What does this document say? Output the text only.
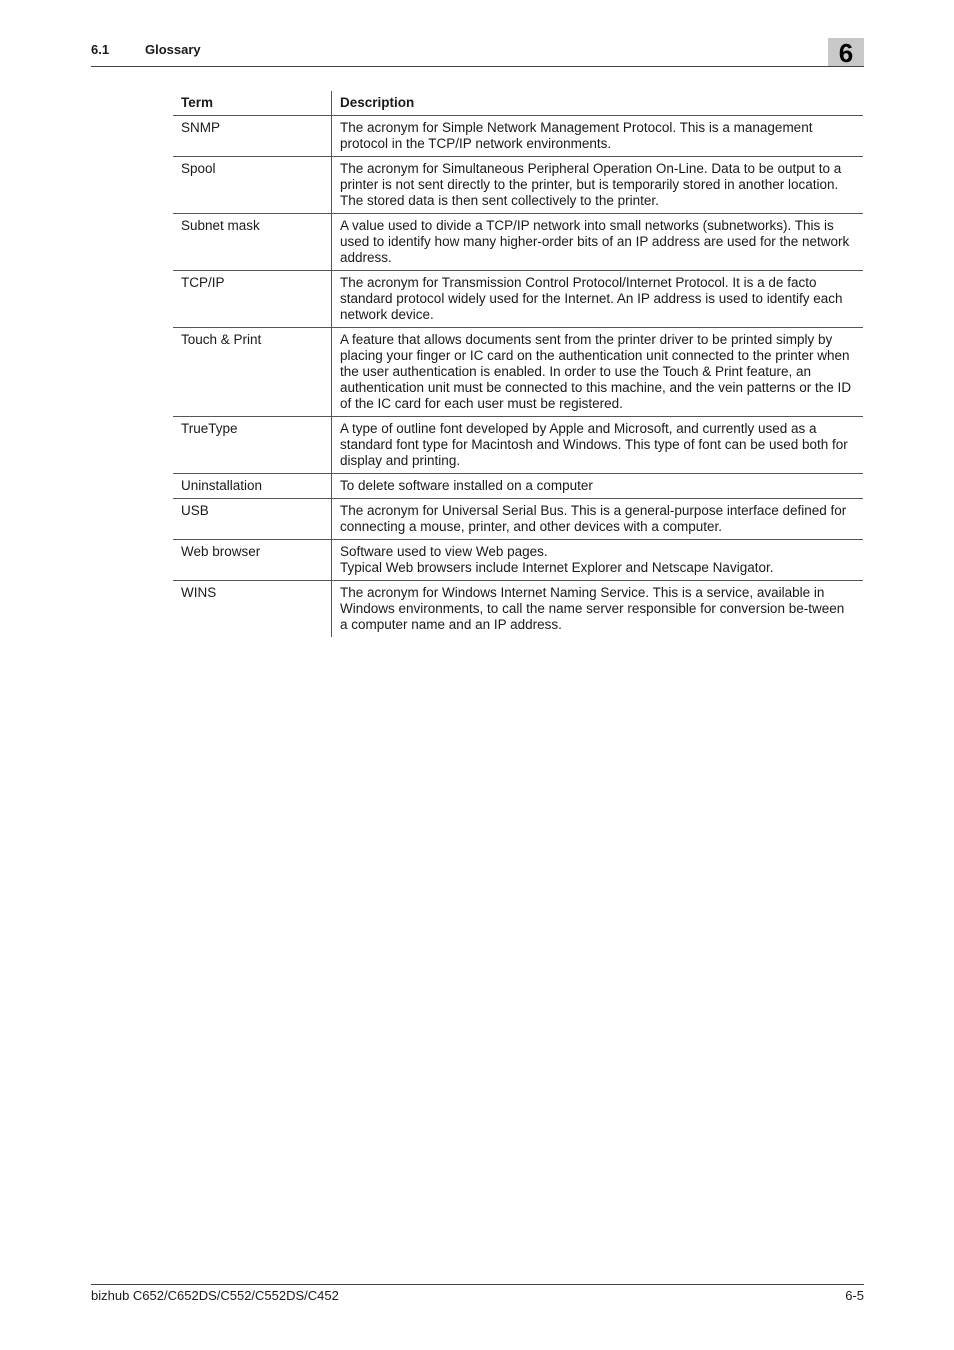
6.1	Glossary	6
Term	Description
SNMP	The acronym for Simple Network Management Protocol. This is a management protocol in the TCP/IP network environments.
Spool	The acronym for Simultaneous Peripheral Operation On-Line. Data to be output to a printer is not sent directly to the printer, but is temporarily stored in another location. The stored data is then sent collectively to the printer.
Subnet mask	A value used to divide a TCP/IP network into small networks (subnetworks). This is used to identify how many higher-order bits of an IP address are used for the network address.
TCP/IP	The acronym for Transmission Control Protocol/Internet Protocol. It is a de facto standard protocol widely used for the Internet. An IP address is used to identify each network device.
Touch & Print	A feature that allows documents sent from the printer driver to be printed simply by placing your finger or IC card on the authentication unit connected to the printer when the user authentication is enabled. In order to use the Touch & Print feature, an authentication unit must be connected to this machine, and the vein patterns or the ID of the IC card for each user must be registered.
TrueType	A type of outline font developed by Apple and Microsoft, and currently used as a standard font type for Macintosh and Windows. This type of font can be used both for display and printing.
Uninstallation	To delete software installed on a computer
USB	The acronym for Universal Serial Bus. This is a general-purpose interface defined for connecting a mouse, printer, and other devices with a computer.
Web browser	Software used to view Web pages.
Typical Web browsers include Internet Explorer and Netscape Navigator.
WINS	The acronym for Windows Internet Naming Service. This is a service, available in Windows environments, to call the name server responsible for conversion be-tween a computer name and an IP address.
bizhub C652/C652DS/C552/C552DS/C452	6-5
